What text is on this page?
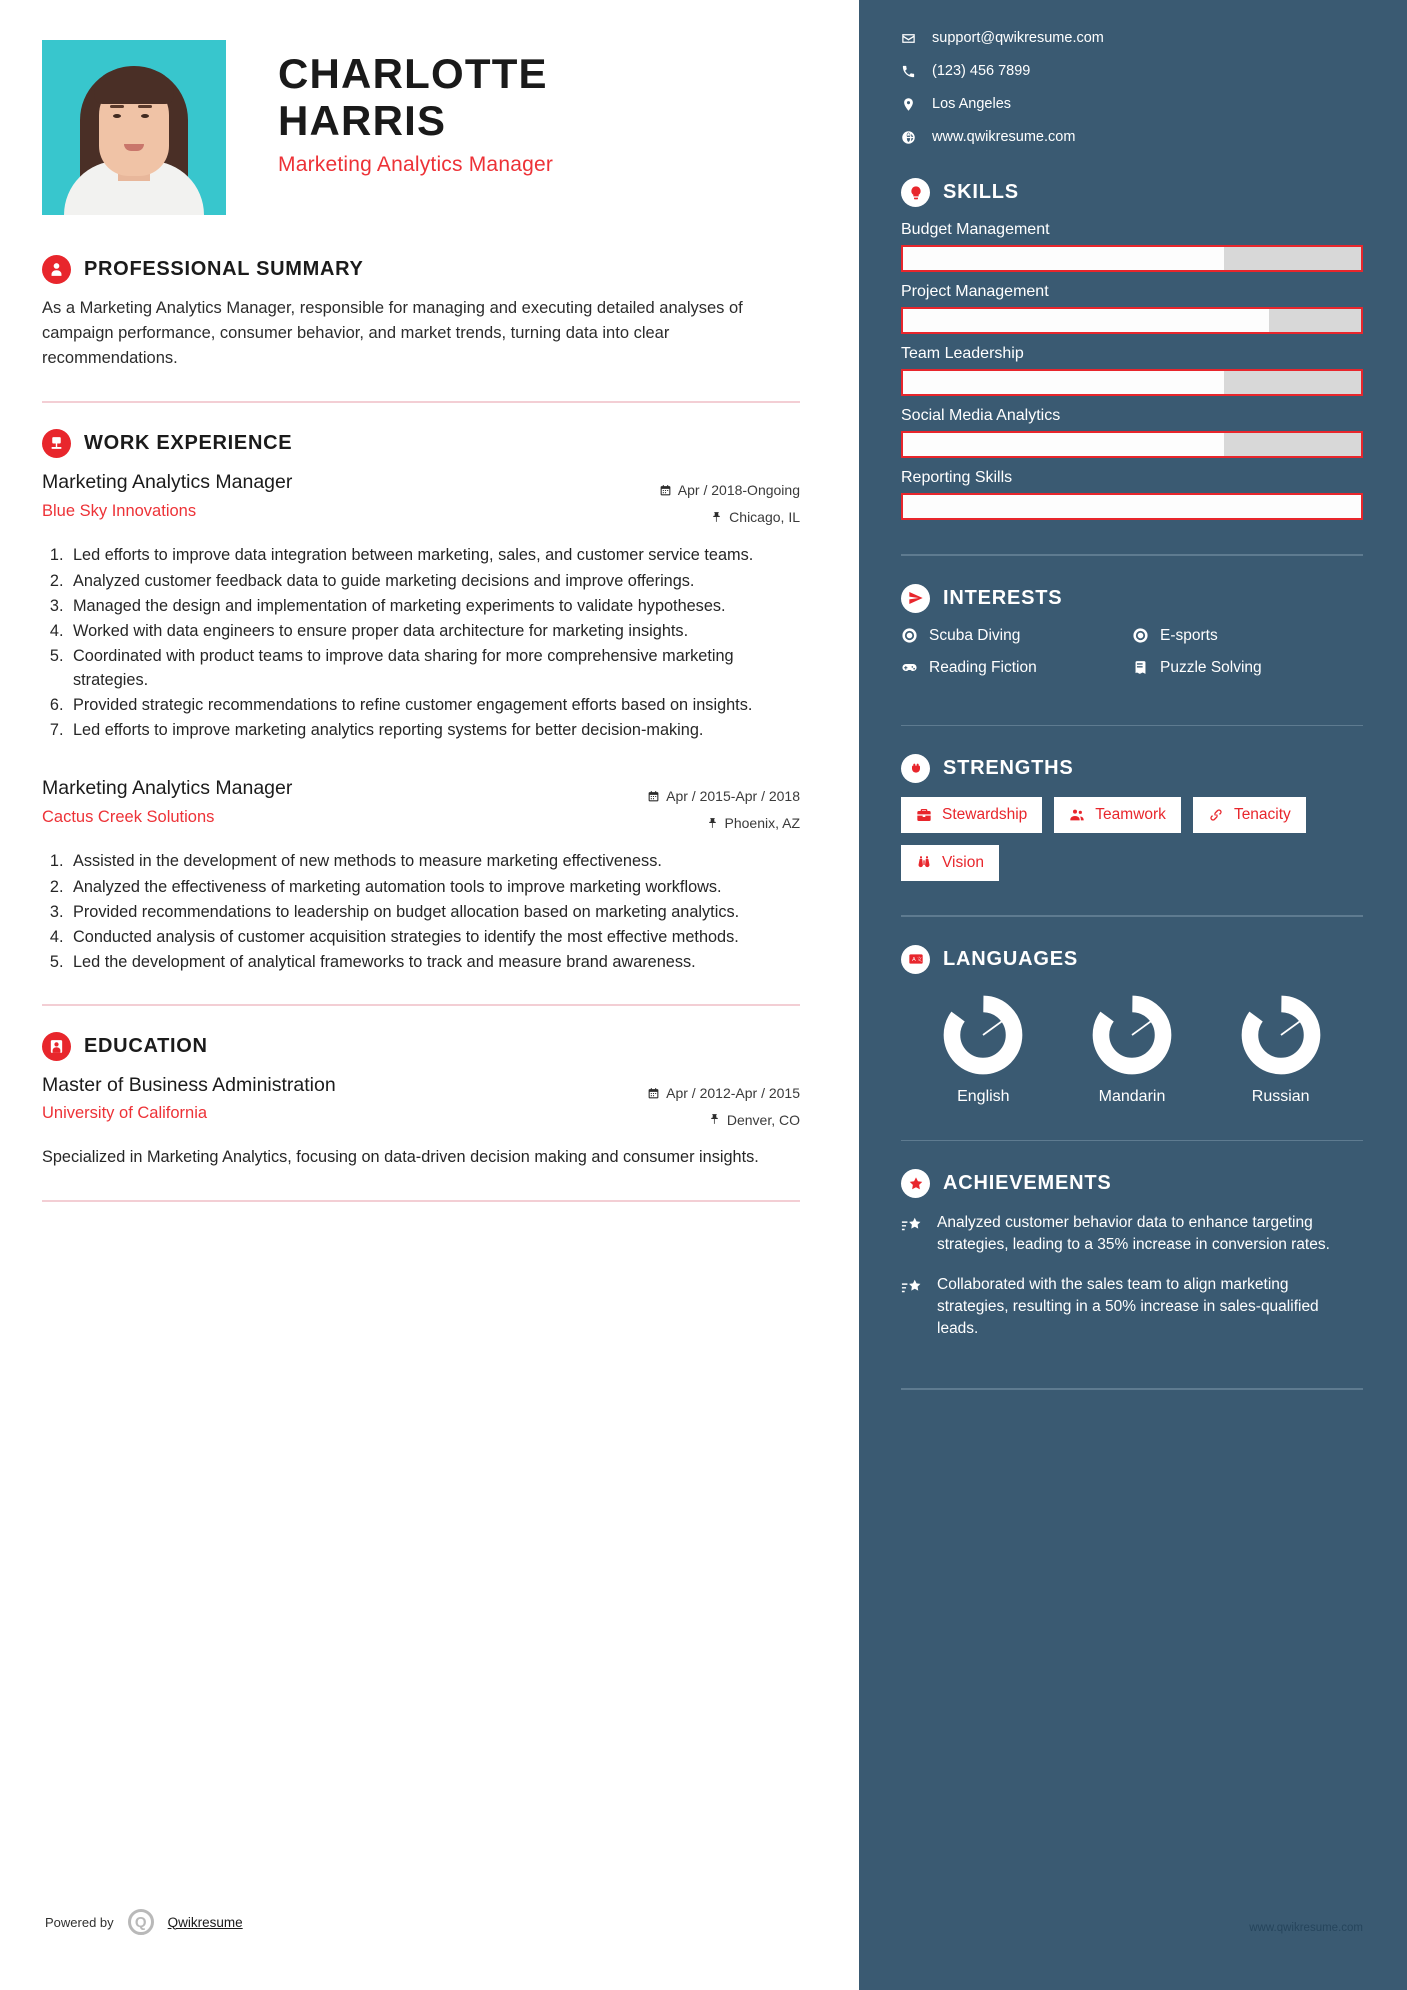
CHARLOTTE
HARRIS
Marketing Analytics Manager
PROFESSIONAL SUMMARY
As a Marketing Analytics Manager, responsible for managing and executing detailed analyses of campaign performance, consumer behavior, and market trends, turning data into clear recommendations.
WORK EXPERIENCE
Marketing Analytics Manager
Blue Sky Innovations
Apr / 2018-Ongoing
Chicago, IL
1. Led efforts to improve data integration between marketing, sales, and customer service teams.
2. Analyzed customer feedback data to guide marketing decisions and improve offerings.
3. Managed the design and implementation of marketing experiments to validate hypotheses.
4. Worked with data engineers to ensure proper data architecture for marketing insights.
5. Coordinated with product teams to improve data sharing for more comprehensive marketing strategies.
6. Provided strategic recommendations to refine customer engagement efforts based on insights.
7. Led efforts to improve marketing analytics reporting systems for better decision-making.
Marketing Analytics Manager
Cactus Creek Solutions
Apr / 2015-Apr / 2018
Phoenix, AZ
1. Assisted in the development of new methods to measure marketing effectiveness.
2. Analyzed the effectiveness of marketing automation tools to improve marketing workflows.
3. Provided recommendations to leadership on budget allocation based on marketing analytics.
4. Conducted analysis of customer acquisition strategies to identify the most effective methods.
5. Led the development of analytical frameworks to track and measure brand awareness.
EDUCATION
Master of Business Administration
University of California
Apr / 2012-Apr / 2015
Denver, CO
Specialized in Marketing Analytics, focusing on data-driven decision making and consumer insights.
Powered by	Q	Qwikresume
support@qwikresume.com
(123) 456 7899
Los Angeles
www.qwikresume.com
SKILLS
Budget Management
Project Management
Team Leadership
Social Media Analytics
Reporting Skills
INTERESTS
Scuba Diving	E-sports
Reading Fiction	Puzzle Solving
STRENGTHS
Stewardship	Teamwork	Tenacity
Vision
A 文 LANGUAGES
English	Mandarin	Russian
ACHIEVEMENTS
Analyzed customer behavior data to enhance targeting strategies, leading to a 35% increase in conversion rates.
Collaborated with the sales team to align marketing strategies, resulting in a 50% increase in sales-qualified leads.
www.qwikresume.com
